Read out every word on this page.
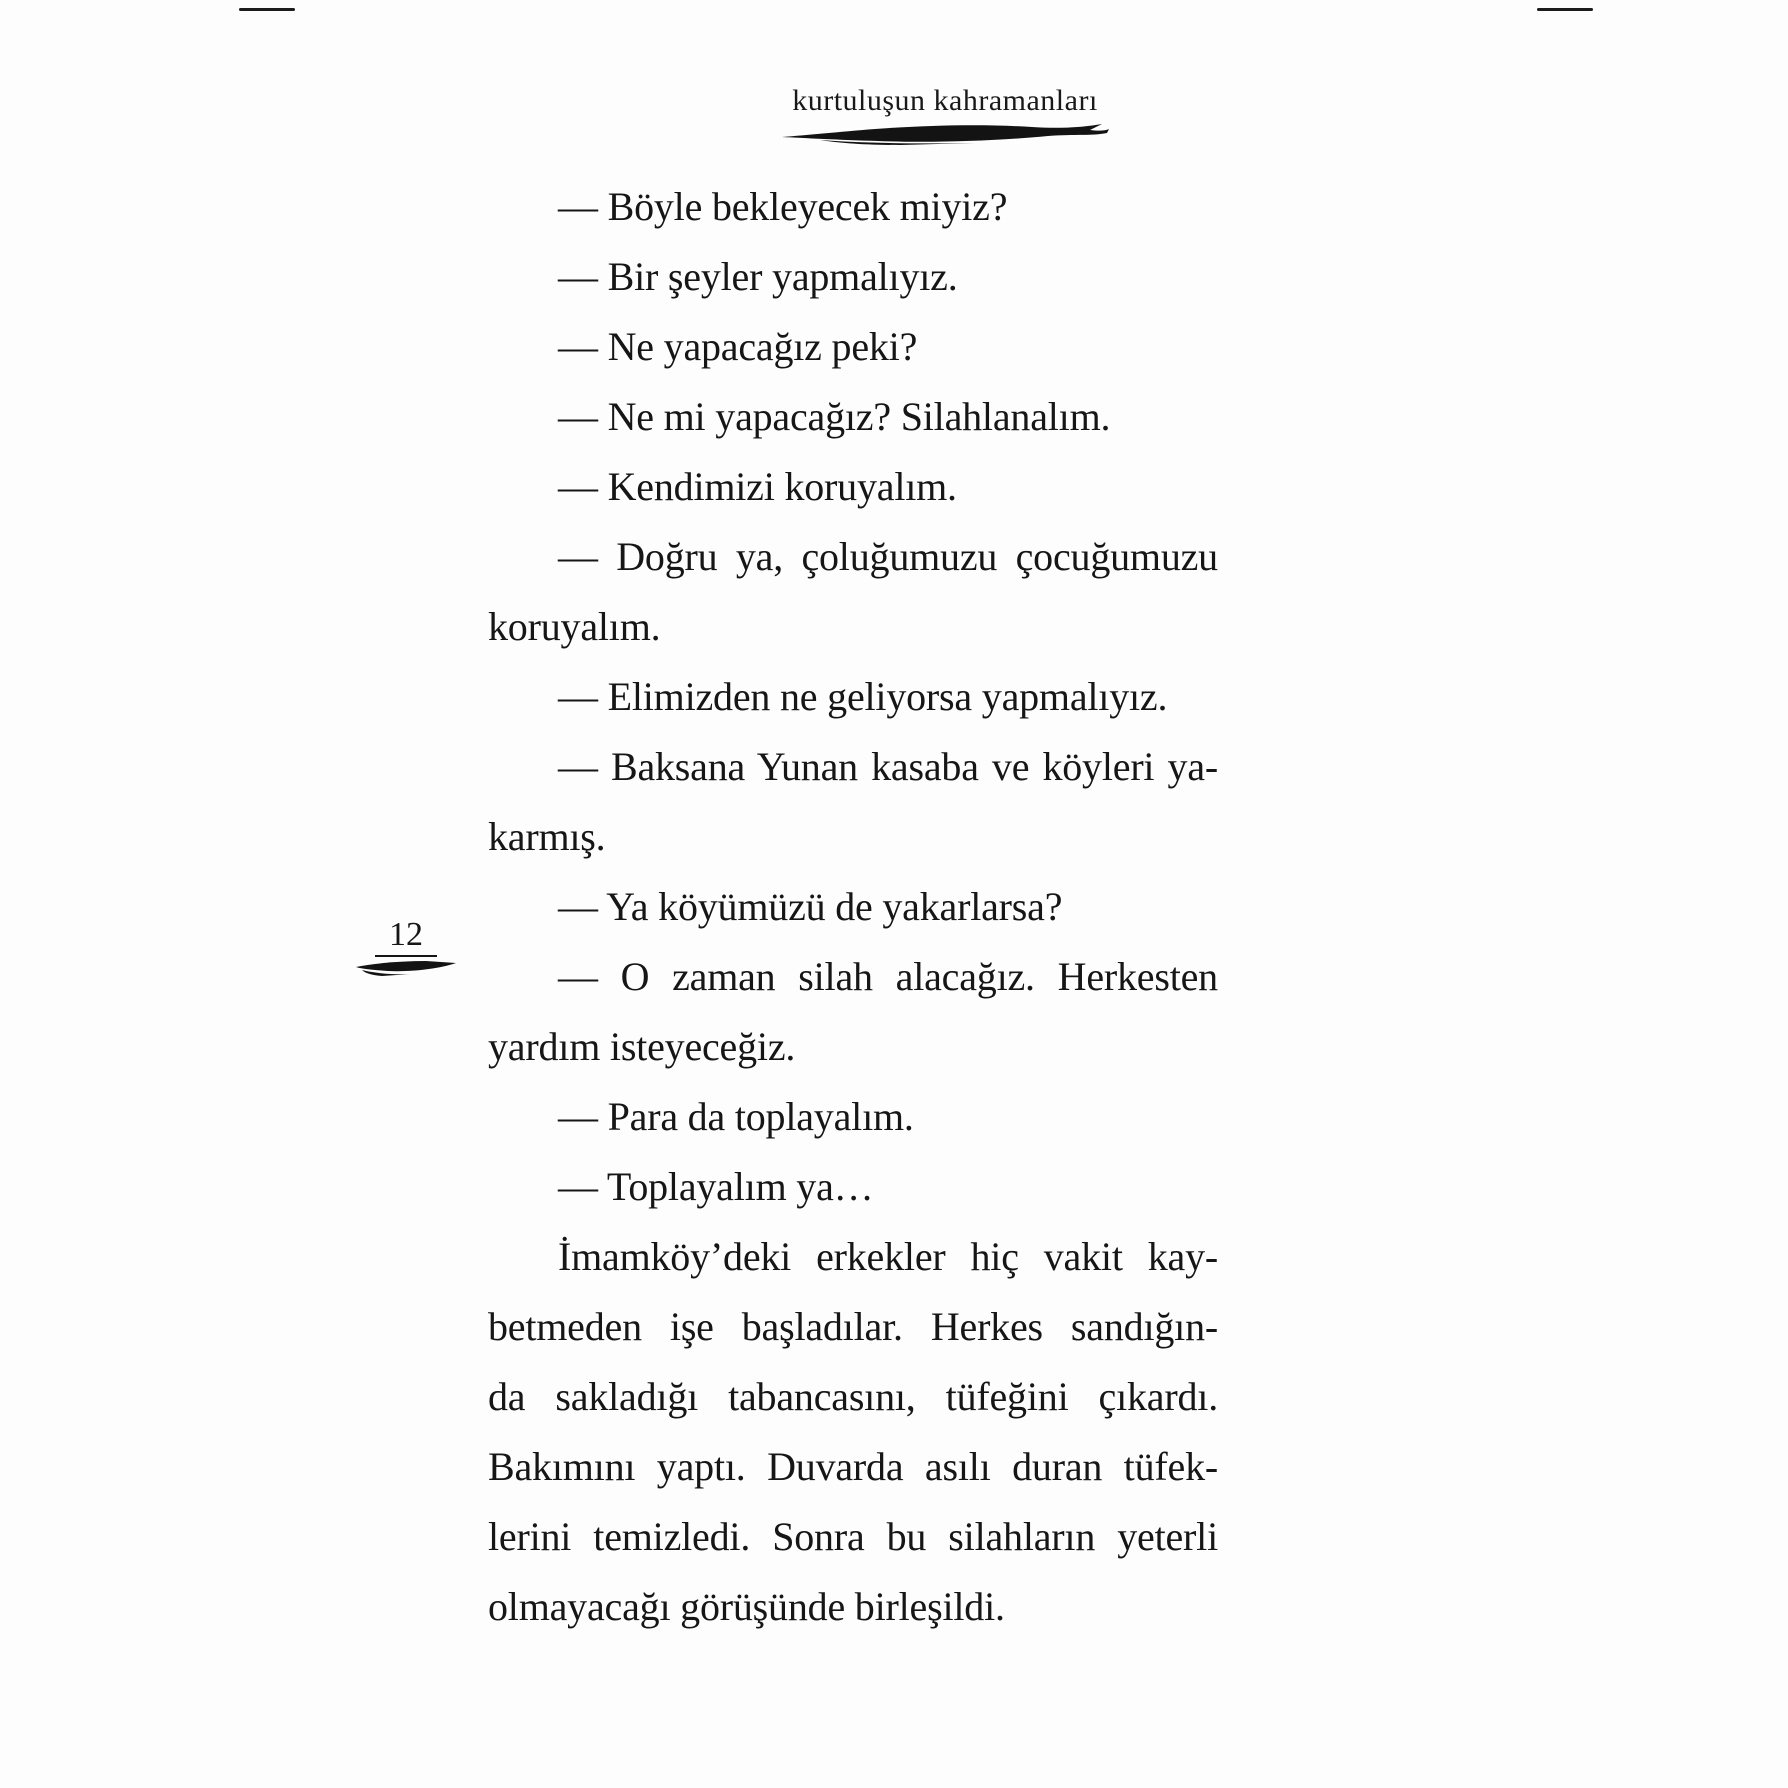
kurtuluşun kahramanları
12

— Böyle bekleyecek miyiz?

— Bir şeyler yapmalıyız.

— Ne yapacağız peki?

— Ne mi yapacağız? Silahlanalım.

— Kendimizi koruyalım.

— Doğru ya, çoluğumuzu çocuğumuzu

koruyalım.

— Elimizden ne geliyorsa yapmalıyız.

— Baksana Yunan kasaba ve köyleri ya-

karmış.

— Ya köyümüzü de yakarlarsa?

— O zaman silah alacağız. Herkesten

yardım isteyeceğiz.

— Para da toplayalım.

— Toplayalım ya…

İmamköy’deki erkekler hiç vakit kay-

betmeden işe başladılar. Herkes sandığın-

da sakladığı tabancasını, tüfeğini çıkardı.

Bakımını yaptı. Duvarda asılı duran tüfek-

lerini temizledi. Sonra bu silahların yeterli

olmayacağı görüşünde birleşildi.
